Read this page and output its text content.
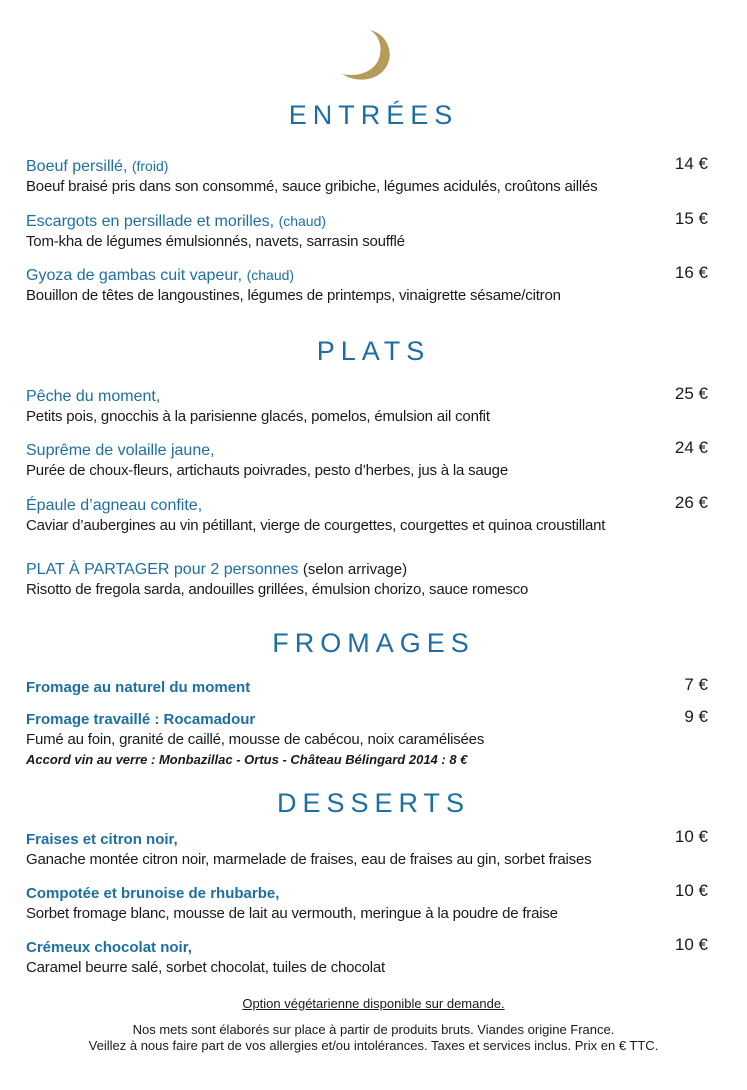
ENTRÉES
Boeuf persillé, (froid)	14 €
Boeuf braisé pris dans son consommé, sauce gribiche, légumes acidulés, croûtons aillés
Escargots en persillade et morilles, (chaud)	15 €
Tom-kha de légumes émulsionnés, navets, sarrasin soufflé
Gyoza de gambas cuit vapeur, (chaud)	16 €
Bouillon de têtes de langoustines, légumes de printemps, vinaigrette sésame/citron
PLATS
Pêche du moment,	25 €
Petits pois, gnocchis à la parisienne glacés, pomelos, émulsion ail confit
Suprême de volaille jaune,	24 €
Purée de choux-fleurs, artichauts poivrades, pesto d’herbes, jus à la sauge
Épaule d’agneau confite,	26 €
Caviar d’aubergines au vin pétillant, vierge de courgettes, courgettes et quinoa croustillant
PLAT À PARTAGER pour 2 personnes (selon arrivage)
Risotto de fregola sarda, andouilles grillées, émulsion chorizo, sauce romesco
FROMAGES
Fromage au naturel du moment	7 €
Fromage travaillé : Rocamadour	9 €
Fumé au foin, granité de caillé, mousse de cabécou, noix caramélisées
Accord vin au verre : Monbazillac - Ortus - Château Bélingard 2014 : 8 €
DESSERTS
Fraises et citron noir,	10 €
Ganache montée citron noir, marmelade de fraises, eau de fraises au gin, sorbet fraises
Compotée et brunoise de rhubarbe,	10 €
Sorbet fromage blanc, mousse de lait au vermouth, meringue à la poudre de fraise
Crémeux chocolat noir,	10 €
Caramel beurre salé, sorbet chocolat, tuiles de chocolat
Option végétarienne disponible sur demande.
Nos mets sont élaborés sur place à partir de produits bruts. Viandes origine France.
Veillez à nous faire part de vos allergies et/ou intolérances. Taxes et services inclus. Prix en € TTC.
